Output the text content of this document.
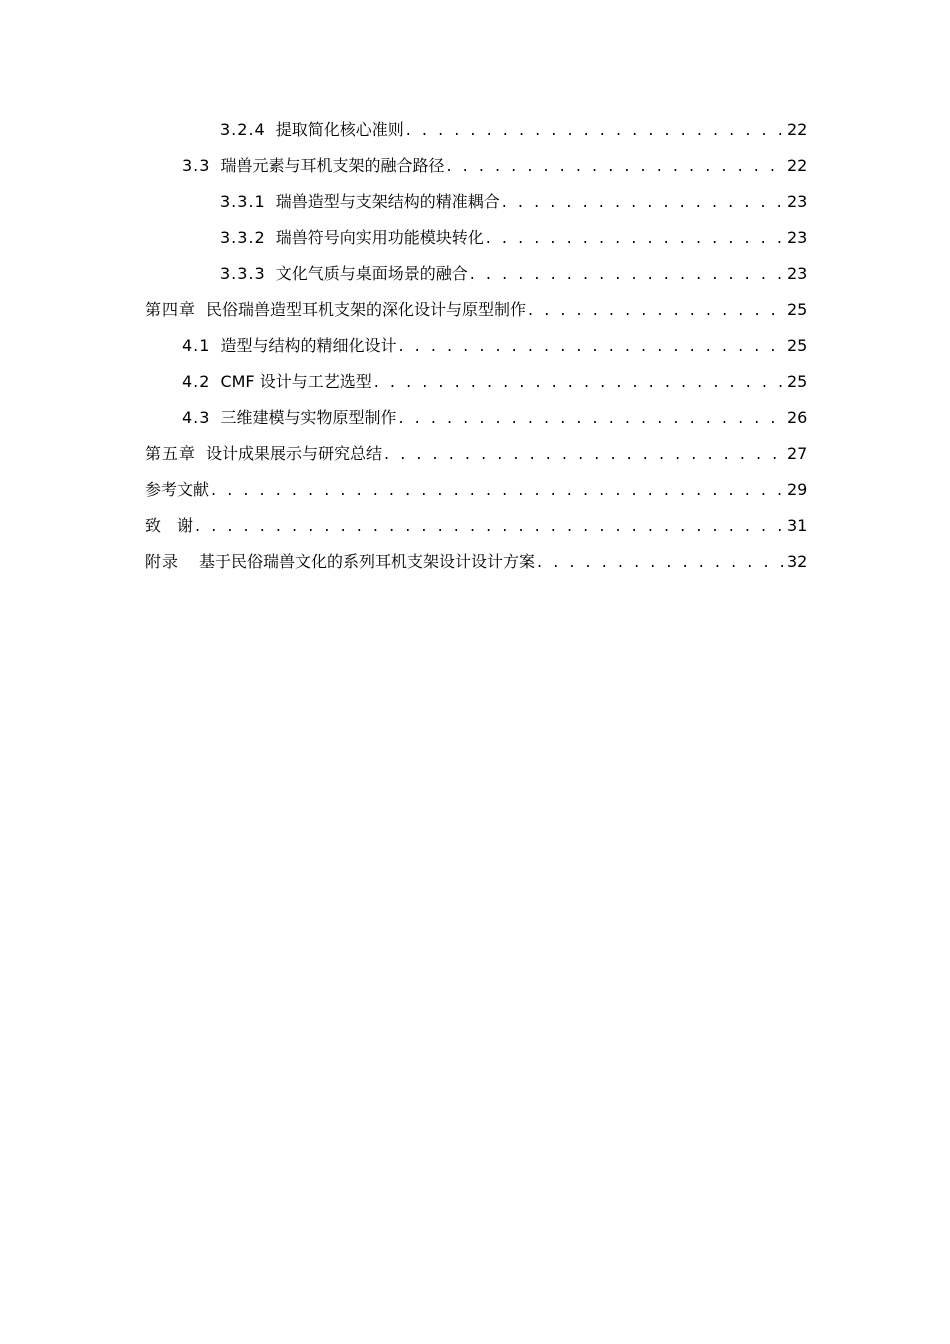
3.2.4 提取简化核心准则 . . .	22
3.3 瑞兽元素与耳机支架的融合路径 . . .	22
3.3.1 瑞兽造型与支架结构的精准耦合 . . .	23
3.3.2 瑞兽符号向实用功能模块转化 . . .	23
3.3.3 文化气质与桌面场景的融合 . . .	23
第四章 民俗瑞兽造型耳机支架的深化设计与原型制作 . . .	25
4.1 造型与结构的精细化设计 . . .	25
4.2 CMF 设计与工艺选型 . . .	25
4.3 三维建模与实物原型制作 . . .	26
第五章 设计成果展示与研究总结 . . .	27
参考文献 . . .	29
致　谢 . . .	31
附录 基于民俗瑞兽文化的系列耳机支架设计设计方案 . . .	32
